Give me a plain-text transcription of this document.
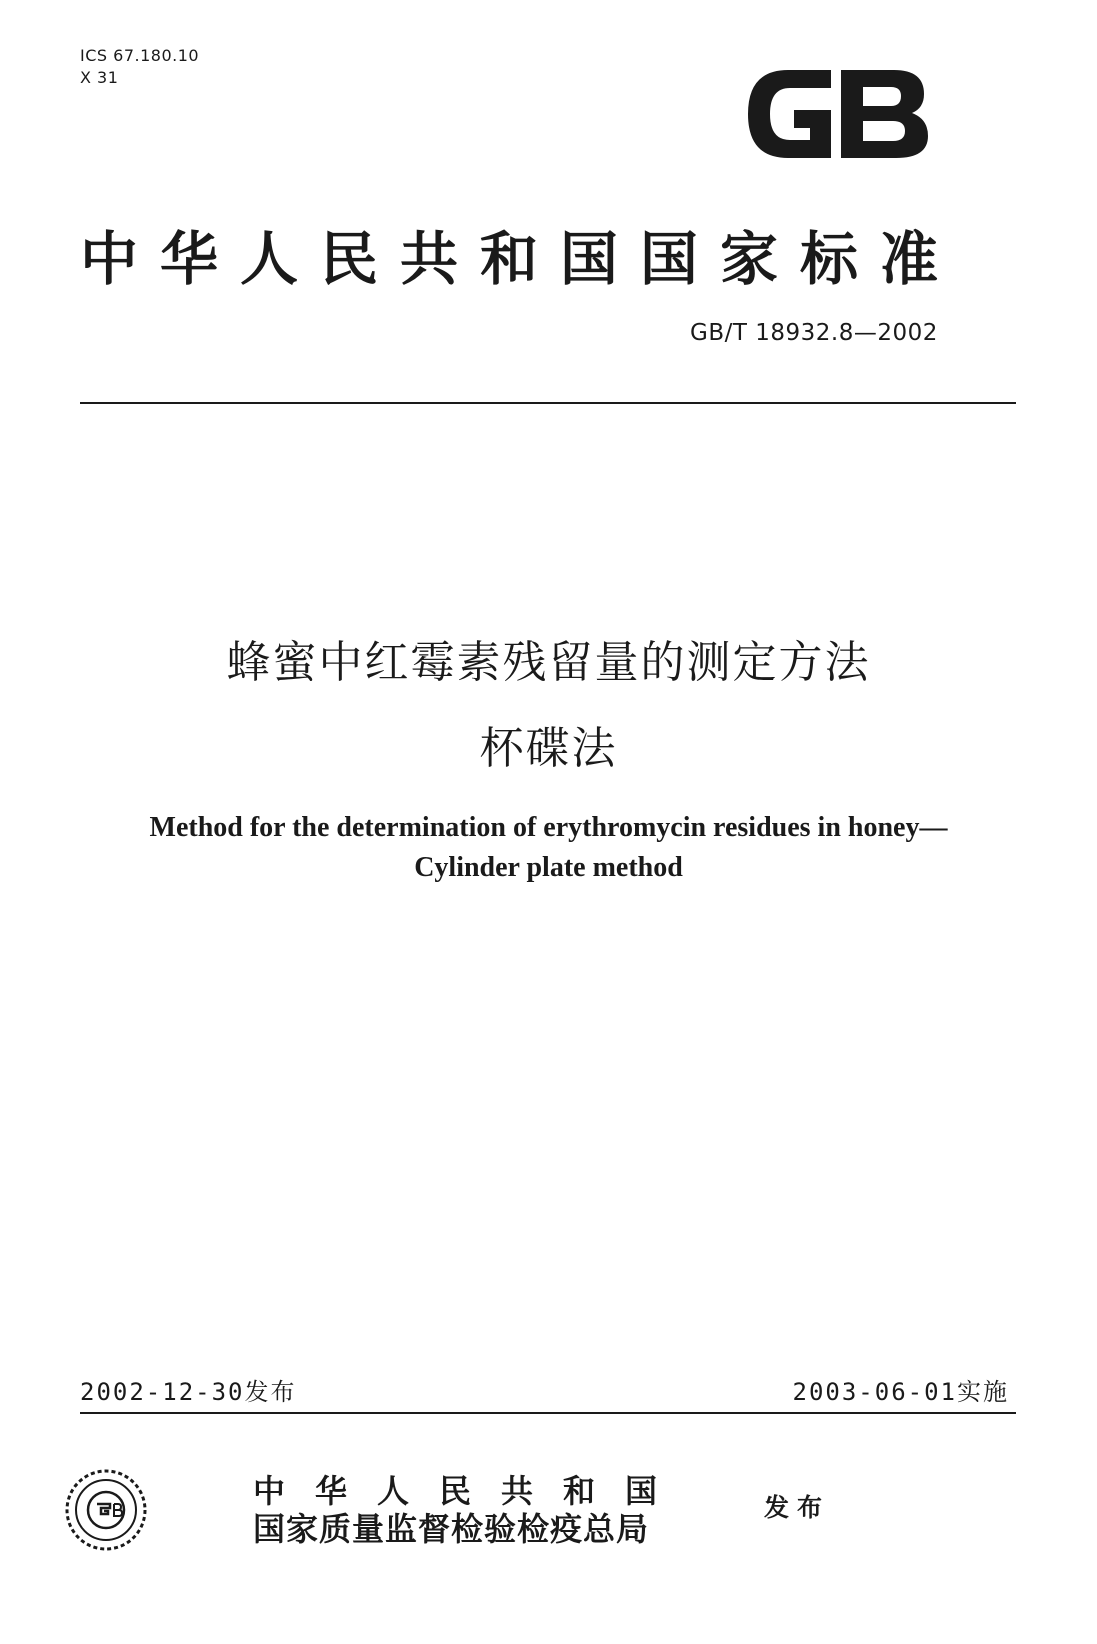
ICS 67.180.10
X 31
中华人民共和国国家标准
GB/T 18932.8—2002
蜂蜜中红霉素残留量的测定方法
杯碟法
Method for the determination of erythromycin residues in honey—
Cylinder plate method
2002-12-30发布	2003-06-01实施
中华人民共和国
国家质量监督检验检疫总局
发布
